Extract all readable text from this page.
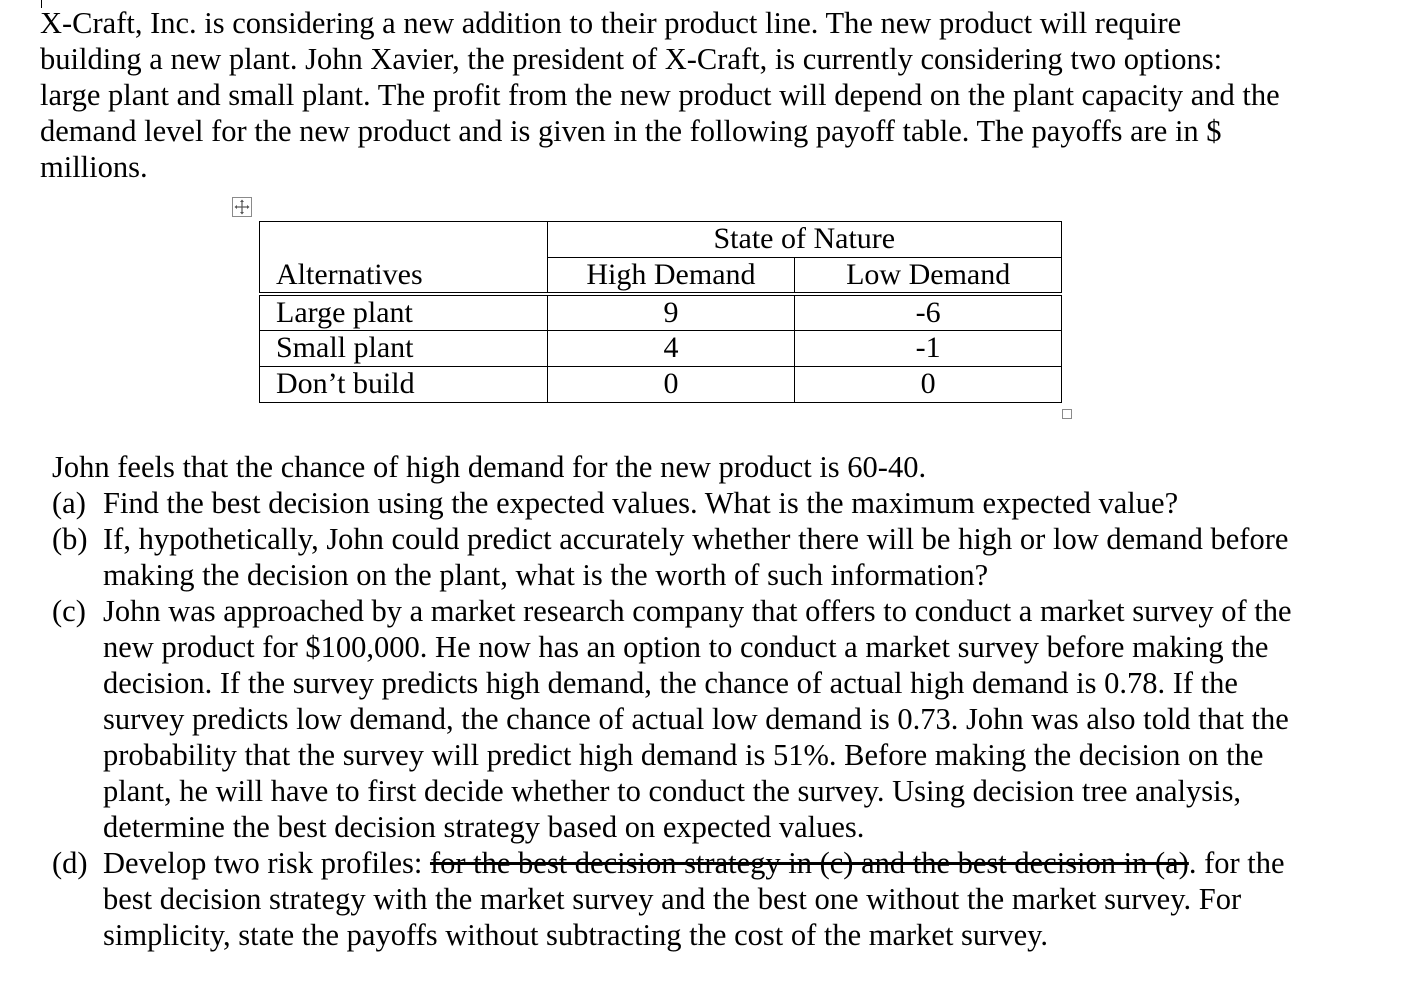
X-Craft, Inc. is considering a new addition to their product line. The new product will require
building a new plant. John Xavier, the president of X-Craft, is currently considering two options:
large plant and small plant. The profit from the new product will depend on the plant capacity and the
demand level for the new product and is given in the following payoff table. The payoffs are in $
millions.
	State of Nature	
Alternatives	High Demand	Low Demand
Large plant	9	-6
Small plant	4	-1
Don’t build	0	0
John feels that the chance of high demand for the new product is 60-40.
(a) Find the best decision using the expected values. What is the maximum expected value?
(b) If, hypothetically, John could predict accurately whether there will be high or low demand before
making the decision on the plant, what is the worth of such information?
(c) John was approached by a market research company that offers to conduct a market survey of the
new product for $100,000. He now has an option to conduct a market survey before making the
decision. If the survey predicts high demand, the chance of actual high demand is 0.78. If the
survey predicts low demand, the chance of actual low demand is 0.73. John was also told that the
probability that the survey will predict high demand is 51%. Before making the decision on the
plant, he will have to first decide whether to conduct the survey. Using decision tree analysis,
determine the best decision strategy based on expected values.
(d) Develop two risk profiles: for the best decision strategy in (c) and the best decision in (a). for the
best decision strategy with the market survey and the best one without the market survey. For
simplicity, state the payoffs without subtracting the cost of the market survey.
